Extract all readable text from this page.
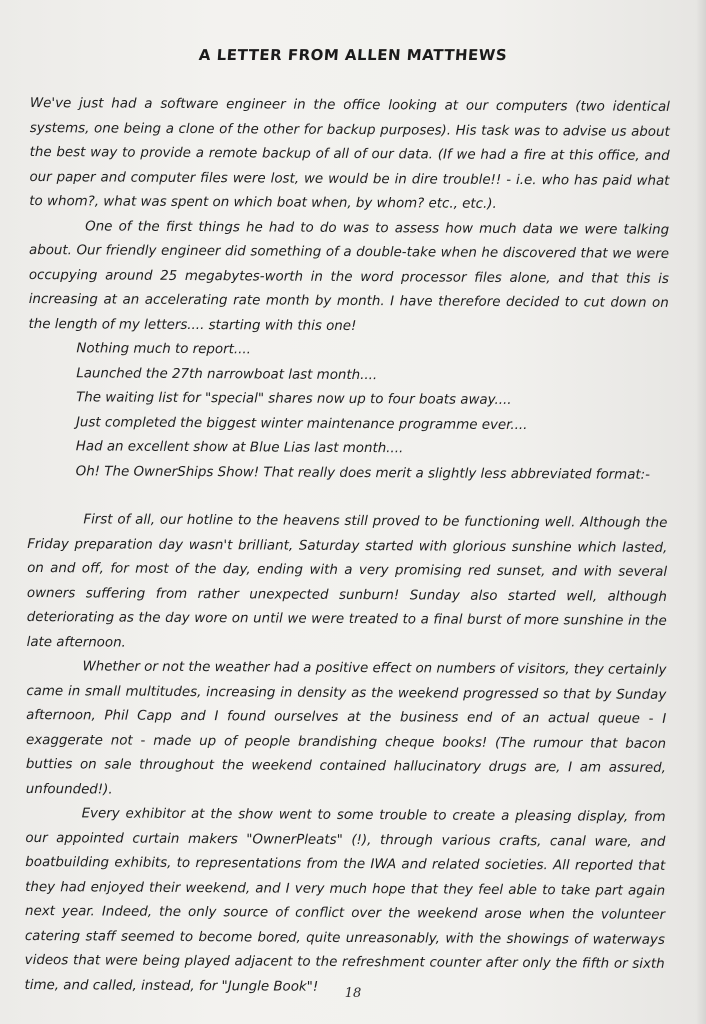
A LETTER FROM ALLEN MATTHEWS

We've just had a software engineer in the office looking at our computers (two identical systems, one being a clone of the other for backup purposes). His task was to advise us about the best way to provide a remote backup of all of our data. (If we had a fire at this office, and our paper and computer files were lost, we would be in dire trouble!! - i.e. who has paid what to whom?, what was spent on which boat when, by whom? etc., etc.).

One of the first things he had to do was to assess how much data we were talking about. Our friendly engineer did something of a double-take when he discovered that we were occupying around 25 megabytes-worth in the word processor files alone, and that this is increasing at an accelerating rate month by month. I have therefore decided to cut down on the length of my letters.... starting with this one!

Nothing much to report....
Launched the 27th narrowboat last month....
The waiting list for "special" shares now up to four boats away....
Just completed the biggest winter maintenance programme ever....
Had an excellent show at Blue Lias last month....
Oh! The OwnerShips Show! That really does merit a slightly less abbreviated format:-

First of all, our hotline to the heavens still proved to be functioning well. Although the Friday preparation day wasn't brilliant, Saturday started with glorious sunshine which lasted, on and off, for most of the day, ending with a very promising red sunset, and with several owners suffering from rather unexpected sunburn! Sunday also started well, although deteriorating as the day wore on until we were treated to a final burst of more sunshine in the late afternoon.

Whether or not the weather had a positive effect on numbers of visitors, they certainly came in small multitudes, increasing in density as the weekend progressed so that by Sunday afternoon, Phil Capp and I found ourselves at the business end of an actual queue - I exaggerate not - made up of people brandishing cheque books! (The rumour that bacon butties on sale throughout the weekend contained hallucinatory drugs are, I am assured, unfounded!).

Every exhibitor at the show went to some trouble to create a pleasing display, from our appointed curtain makers "OwnerPleats" (!), through various crafts, canal ware, and boatbuilding exhibits, to representations from the IWA and related societies. All reported that they had enjoyed their weekend, and I very much hope that they feel able to take part again next year. Indeed, the only source of conflict over the weekend arose when the volunteer catering staff seemed to become bored, quite unreasonably, with the showings of waterways videos that were being played adjacent to the refreshment counter after only the fifth or sixth time, and called, instead, for "Jungle Book"!	18
